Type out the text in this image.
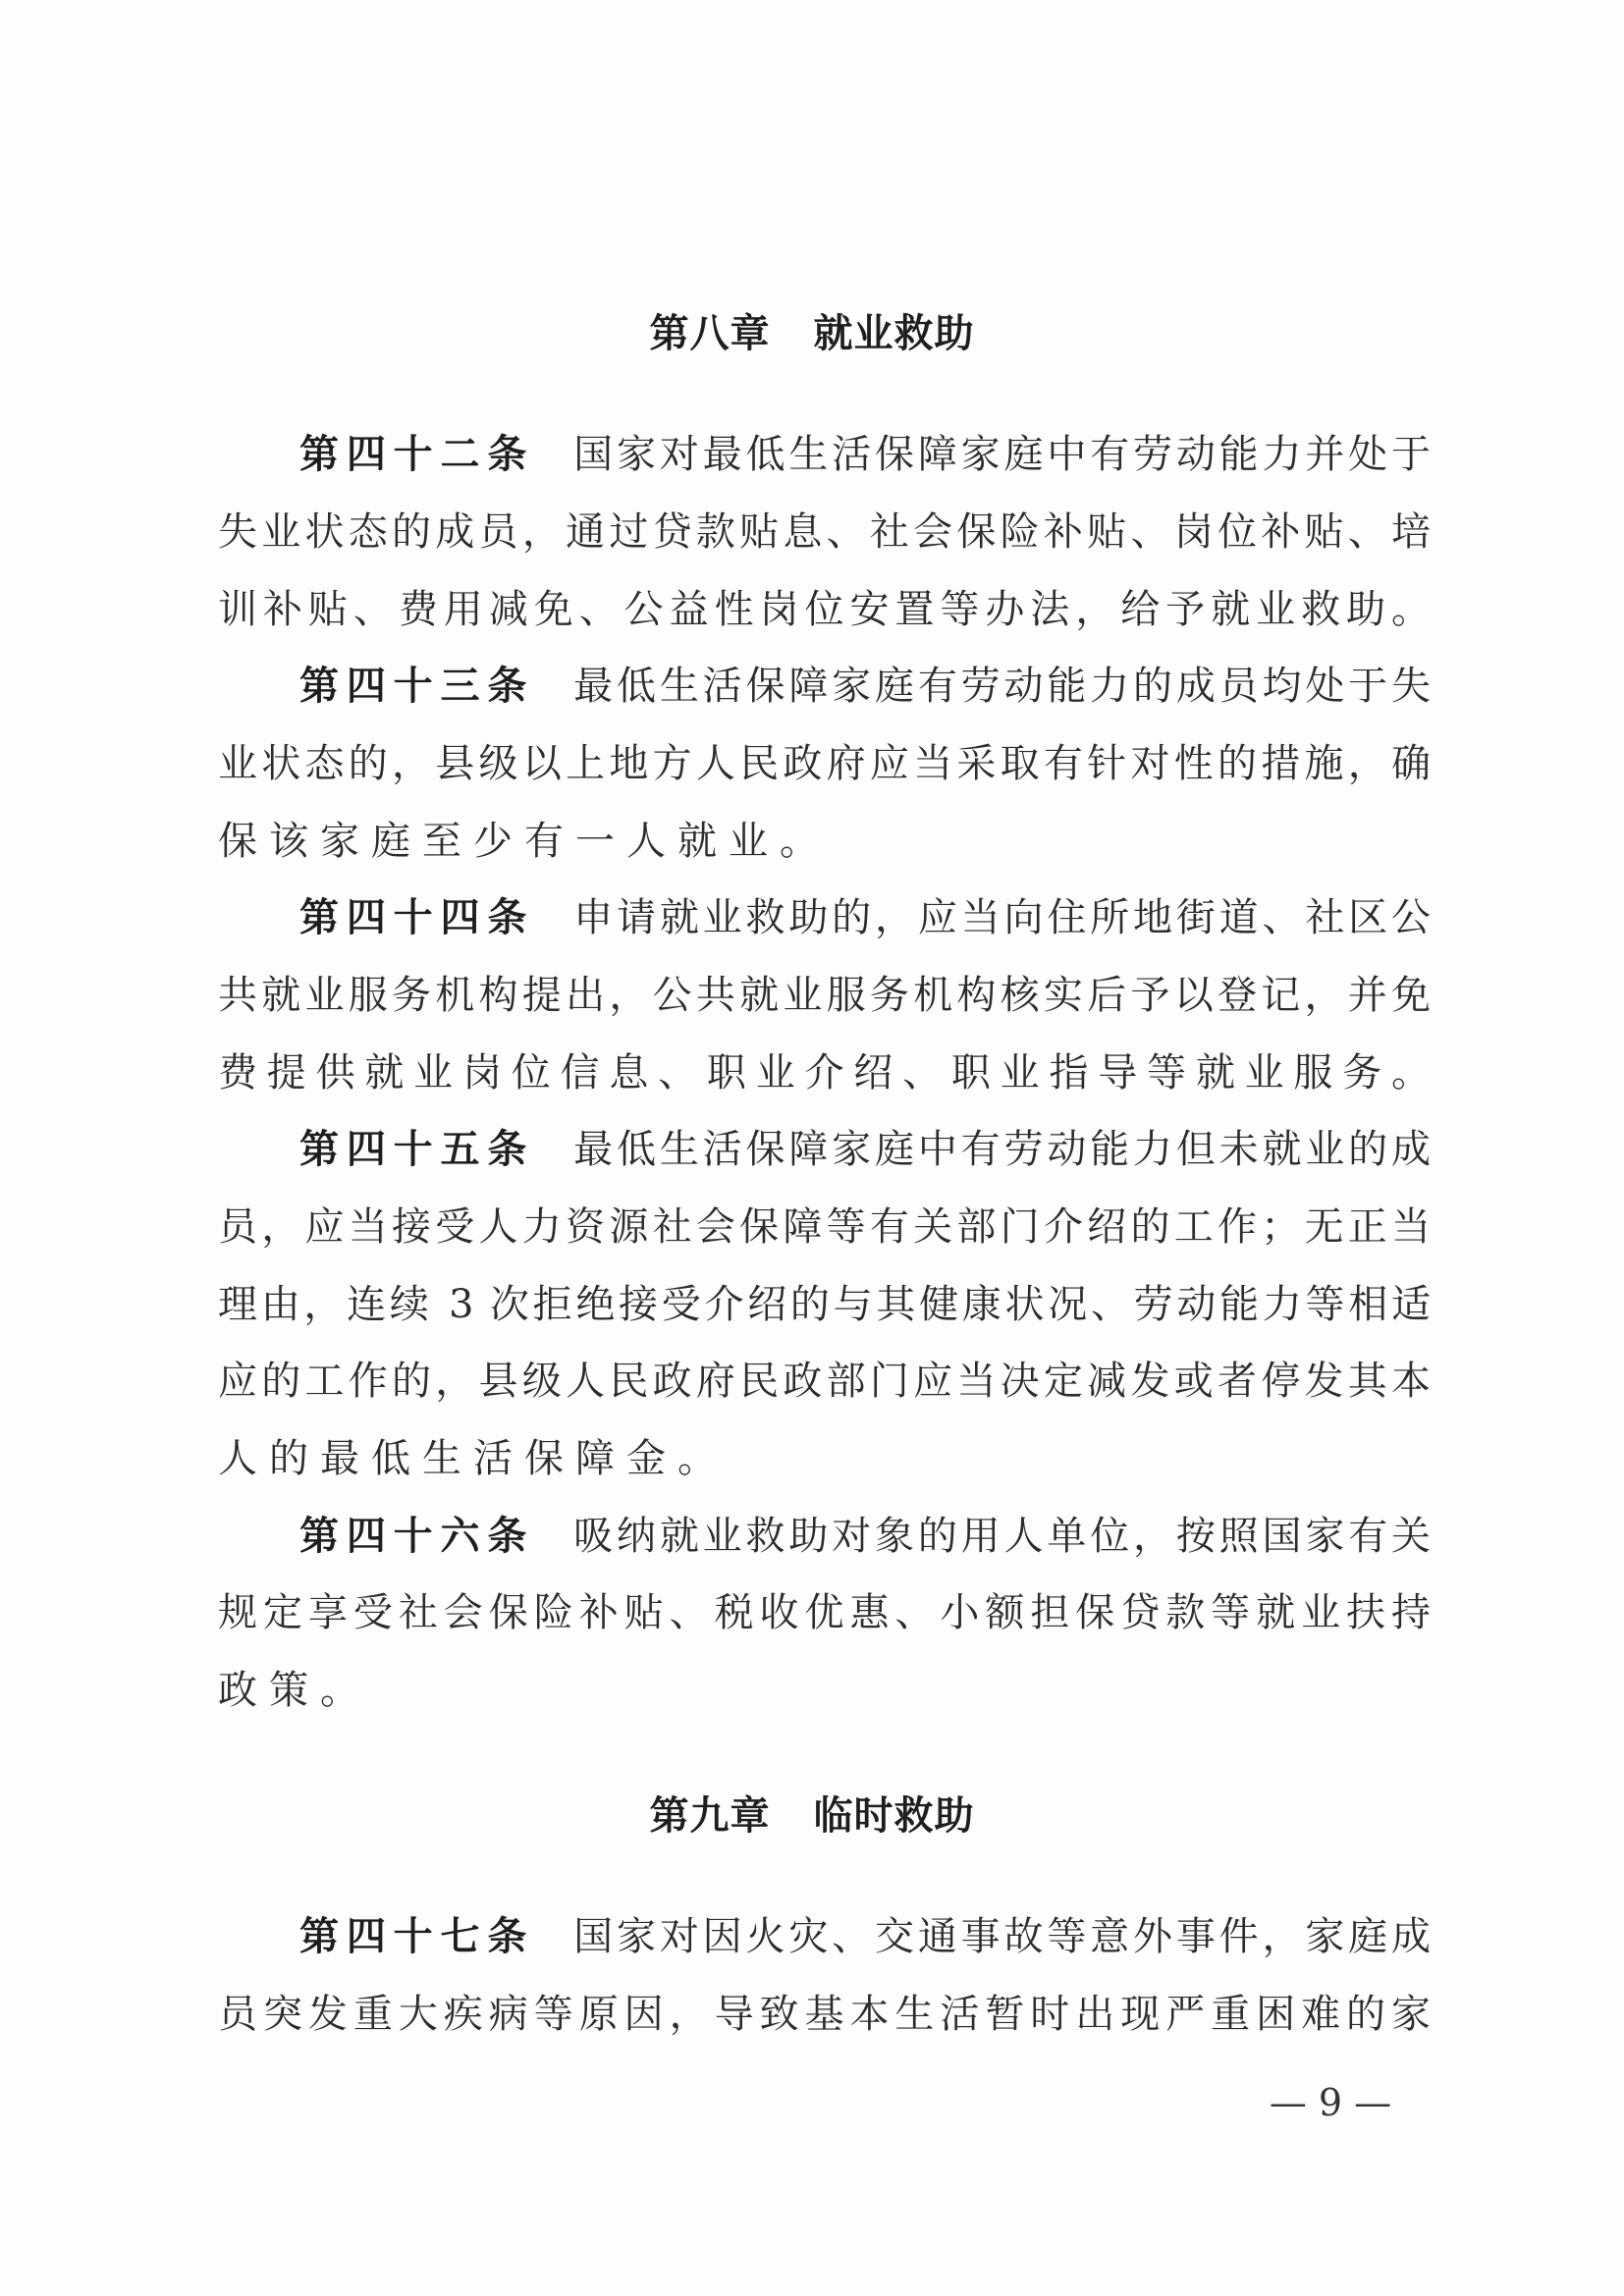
第八章 就业救助
第四十二条 国家对最低生活保障家庭中有劳动能力并处于
失业状态的成员，通过贷款贴息、社会保险补贴、岗位补贴、培
训补贴、费用减免、公益性岗位安置等办法，给予就业救助。
第四十三条 最低生活保障家庭有劳动能力的成员均处于失
业状态的，县级以上地方人民政府应当采取有针对性的措施，确
保该家庭至少有一人就业。
第四十四条 申请就业救助的，应当向住所地街道、社区公
共就业服务机构提出，公共就业服务机构核实后予以登记，并免
费提供就业岗位信息、职业介绍、职业指导等就业服务。
第四十五条 最低生活保障家庭中有劳动能力但未就业的成
员，应当接受人力资源社会保障等有关部门介绍的工作；无正当
理由，连续 3 次拒绝接受介绍的与其健康状况、劳动能力等相适
应的工作的，县级人民政府民政部门应当决定减发或者停发其本
人的最低生活保障金。
第四十六条 吸纳就业救助对象的用人单位，按照国家有关
规定享受社会保险补贴、税收优惠、小额担保贷款等就业扶持
政策。
第九章 临时救助
第四十七条 国家对因火灾、交通事故等意外事件，家庭成
员突发重大疾病等原因，导致基本生活暂时出现严重困难的家
— 9 —
